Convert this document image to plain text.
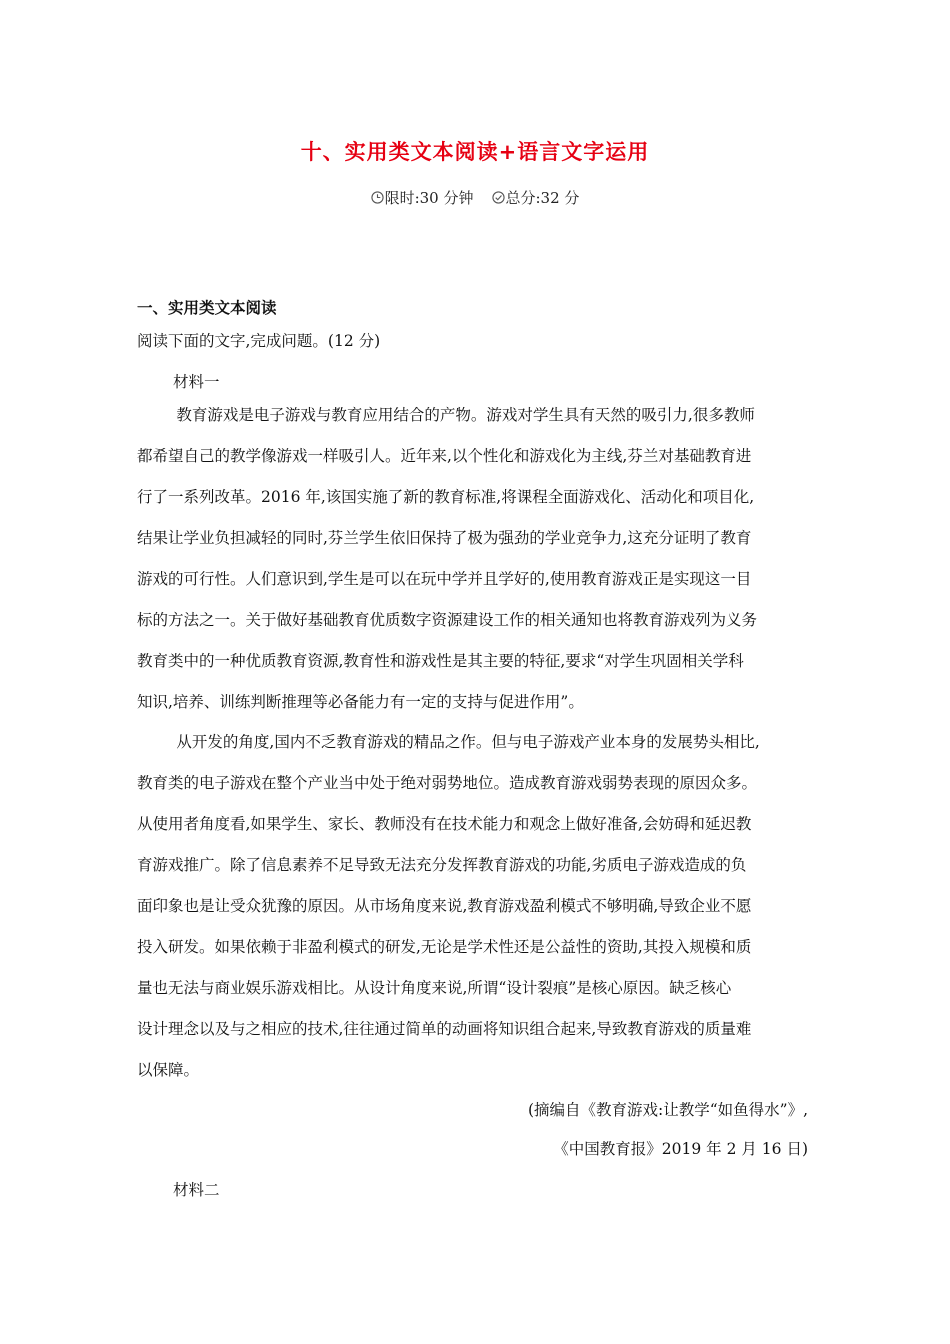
十、实用类文本阅读+语言文字运用
限时:30 分钟 总分:32 分
一、实用类文本阅读
阅读下面的文字,完成问题。(12 分)
材料一
教育游戏是电子游戏与教育应用结合的产物。游戏对学生具有天然的吸引力,很多教师
都希望自己的教学像游戏一样吸引人。近年来,以个性化和游戏化为主线,芬兰对基础教育进
行了一系列改革。2016 年,该国实施了新的教育标准,将课程全面游戏化、活动化和项目化,
结果让学业负担减轻的同时,芬兰学生依旧保持了极为强劲的学业竞争力,这充分证明了教育
游戏的可行性。人们意识到,学生是可以在玩中学并且学好的,使用教育游戏正是实现这一目
标的方法之一。关于做好基础教育优质数字资源建设工作的相关通知也将教育游戏列为义务
教育类中的一种优质教育资源,教育性和游戏性是其主要的特征,要求“对学生巩固相关学科
知识,培养、训练判断推理等必备能力有一定的支持与促进作用”。
从开发的角度,国内不乏教育游戏的精品之作。但与电子游戏产业本身的发展势头相比,
教育类的电子游戏在整个产业当中处于绝对弱势地位。造成教育游戏弱势表现的原因众多。
从使用者角度看,如果学生、家长、教师没有在技术能力和观念上做好准备,会妨碍和延迟教
育游戏推广。除了信息素养不足导致无法充分发挥教育游戏的功能,劣质电子游戏造成的负
面印象也是让受众犹豫的原因。从市场角度来说,教育游戏盈利模式不够明确,导致企业不愿
投入研发。如果依赖于非盈利模式的研发,无论是学术性还是公益性的资助,其投入规模和质
量也无法与商业娱乐游戏相比。从设计角度来说,所谓“设计裂痕”是核心原因。缺乏核心
设计理念以及与之相应的技术,往往通过简单的动画将知识组合起来,导致教育游戏的质量难
以保障。
(摘编自《教育游戏:让教学“如鱼得水”》,
《中国教育报》2019 年 2 月 16 日)
材料二
